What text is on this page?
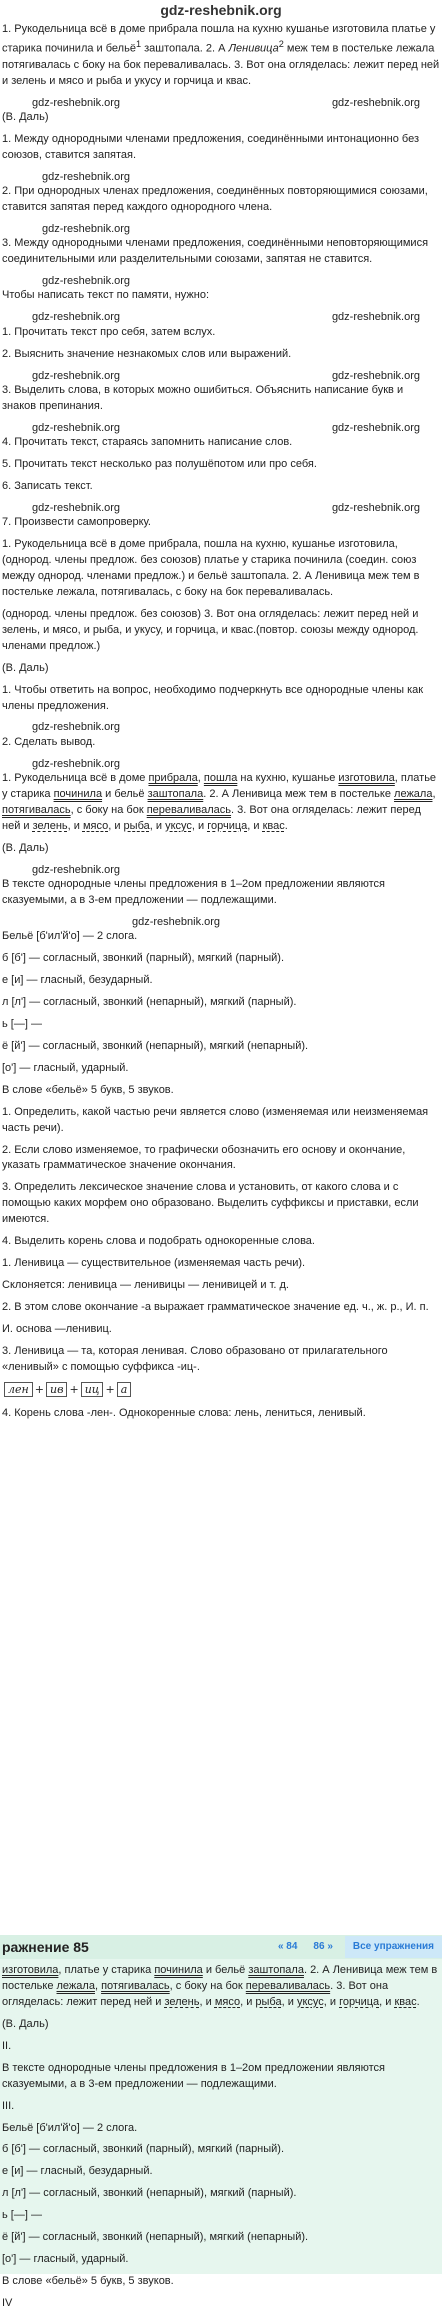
gdz-reshebnik.org

1. Рукодельница всё в доме прибрала пошла на кухню кушанье изготовила платье у старика починила и бельё$^1$ заштопала. 2. А Ленивица$^2$ меж тем в постельке лежала потягивалась с боку на бок переваливалась. 3. Вот она огляделась: лежит перед ней и зелень и мясо и рыба и укусу и горчица и квас.

gdz-reshebnik.org	gdz-reshebnik.org

(В. Даль)

1. Между однородными членами предложения, соединёнными интонационно без союзов, ставится запятая.

gdz-reshebnik.org

2. При однородных членах предложения, соединённых повторяющимися союзами, ставится запятая перед каждого однородного члена.

gdz-reshebnik.org

3. Между однородными членами предложения, соединёнными неповторяющимися соединительными или разделительными союзами, запятая не ставится.

gdz-reshebnik.org

Чтобы написать текст по памяти, нужно:

gdz-reshebnik.org	gdz-reshebnik.org

1. Прочитать текст про себя, затем вслух.

2. Выяснить значение незнакомых слов или выражений.

gdz-reshebnik.org	gdz-reshebnik.org

3. Выделить слова, в которых можно ошибиться. Объяснить написание букв и знаков препинания.

gdz-reshebnik.org	gdz-reshebnik.org

4. Прочитать текст, стараясь запомнить написание слов.

5. Прочитать текст несколько раз полушёпотом или про себя.

6. Записать текст.

gdz-reshebnik.org	gdz-reshebnik.org

7. Произвести самопроверку.

1. Рукодельница всё в доме прибрала, пошла на кухню, кушанье изготовила, (однород. члены предлож. без союзов) платье у старика починила (соедин. союз между однород. членами предлож.) и бельё заштопала. 2. А Ленивица меж тем в постельке лежала, потягивалась, с боку на бок переваливалась.

(однород. члены предлож. без союзов) 3. Вот она огляделась: лежит перед ней и зелень, и мясо, и рыба, и укусу, и горчица, и квас.(повтор. союзы между однород. членами предлож.)

(В. Даль)

1. Чтобы ответить на вопрос, необходимо подчеркнуть все однородные члены как члены предложения.

gdz-reshebnik.org

2. Сделать вывод.

gdz-reshebnik.org

1. Рукодельница всё в доме прибрала, пошла на кухню, кушанье изготовила, платье у старика починила и бельё заштопала. 2. А Ленивица меж тем в постельке лежала, потягивалась, с боку на бок переваливалась. 3. Вот она огляделась: лежит перед ней и зелень, и мясо, и рыба, и уксус, и горчица, и квас.

(В. Даль)

gdz-reshebnik.org

В тексте однородные члены предложения в 1–2ом предложении являются сказуемыми, а в 3-ем предложении — подлежащими.

gdz-reshebnik.org

Бельё [б'ил'й'о] — 2 слога.

б [б'] — согласный, звонкий (парный), мягкий (парный).

е [и] — гласный, безударный.

л [л'] — согласный, звонкий (непарный), мягкий (парный).

ь [—] —

ё [й'] — согласный, звонкий (непарный), мягкий (непарный).

[о'] — гласный, ударный.

В слове «бельё» 5 букв, 5 звуков.

1. Определить, какой частью речи является слово (изменяемая или неизменяемая часть речи).

2. Если слово изменяемое, то графически обозначить его основу и окончание, указать грамматическое значение окончания.

3. Определить лексическое значение слова и установить, от какого слова и с помощью каких морфем оно образовано. Выделить суффиксы и приставки, если имеются.

4. Выделить корень слова и подобрать однокоренные слова.

1. Ленивица — существительное (изменяемая часть речи).

Склоняется: ленивица — ленивицы — ленивицей и т. д.

2. В этом слове окончание -а выражает грамматическое значение ед. ч., ж. р., И. п.

И. основа —ленивиц.

3. Ленивица — та, которая ленивая. Слово образовано от прилагательного «ленивый» с помощью суффикса -иц-.

лен + ив + иц + а

4. Корень слова -лен-. Однокоренные слова: лень, лениться, ленивый.

ражнение 85	« 84	86 »	Все упражнения

изготовила, платье у старика починила и бельё заштопала. 2. А Ленивица меж тем в постельке лежала, потягивалась, с боку на бок переваливалась. 3. Вот она огляделась: лежит перед ней и зелень, и мясо, и рыба, и уксус, и горчица, и квас.

(В. Даль)

II.

В тексте однородные члены предложения в 1–2ом предложении являются сказуемыми, а в 3-ем предложении — подлежащими.

III.

Бельё [б'ил'й'о] — 2 слога.

б [б'] — согласный, звонкий (парный), мягкий (парный).

е [и] — гласный, безударный.

л [л'] — согласный, звонкий (непарный), мягкий (парный).

ь [—] —

ё [й'] — согласный, звонкий (непарный), мягкий (непарный).

[о'] — гласный, ударный.

В слове «бельё» 5 букв, 5 звуков.

IV
